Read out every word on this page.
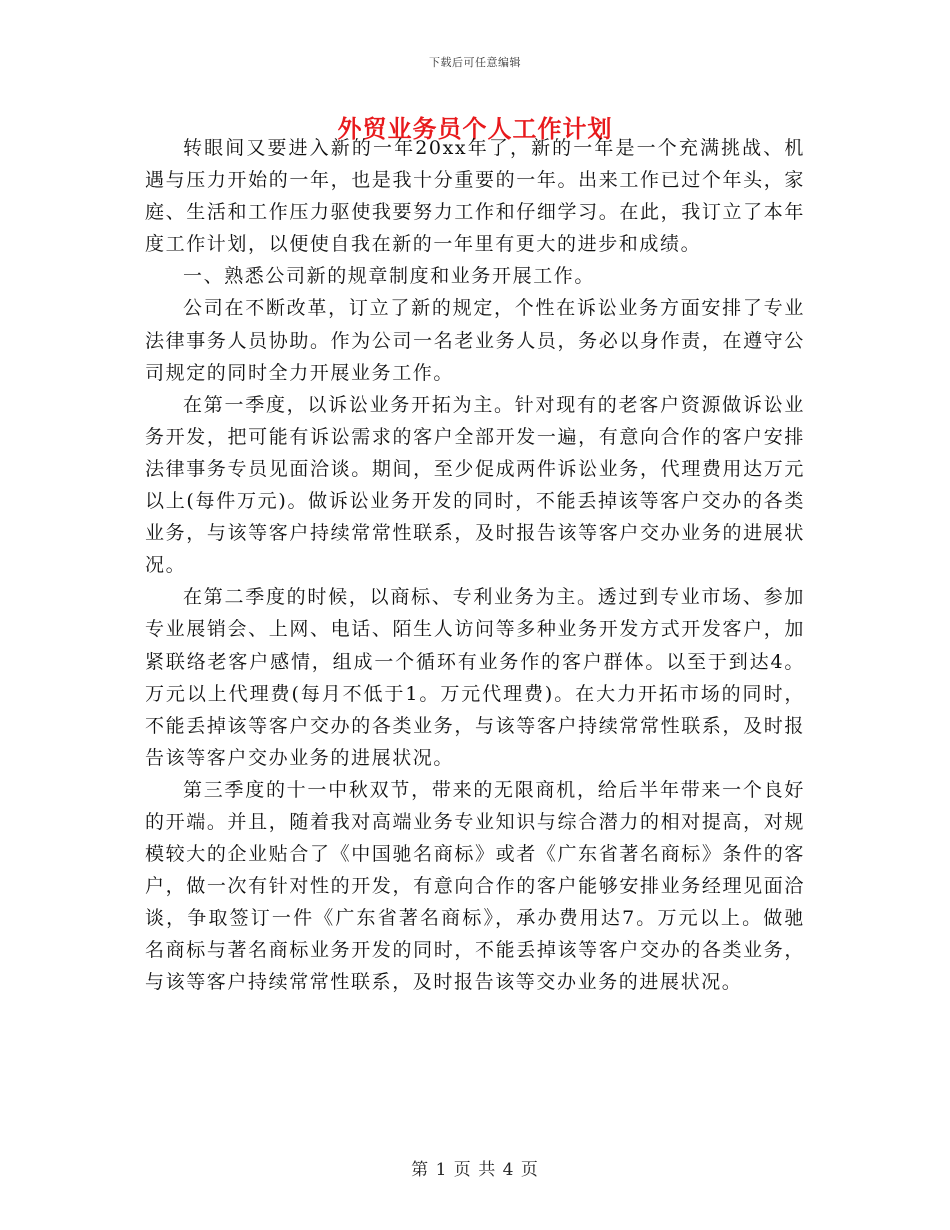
下载后可任意编辑
外贸业务员个人工作计划

转眼间又要进入新的一年20xx年了，新的一年是一个充满挑战、机遇与压力开始的一年，也是我十分重要的一年。出来工作已过个年头，家庭、生活和工作压力驱使我要努力工作和仔细学习。在此，我订立了本年度工作计划，以便使自我在新的一年里有更大的进步和成绩。

一、熟悉公司新的规章制度和业务开展工作。

公司在不断改革，订立了新的规定，个性在诉讼业务方面安排了专业法律事务人员协助。作为公司一名老业务人员，务必以身作责，在遵守公司规定的同时全力开展业务工作。

在第一季度，以诉讼业务开拓为主。针对现有的老客户资源做诉讼业务开发，把可能有诉讼需求的客户全部开发一遍，有意向合作的客户安排法律事务专员见面洽谈。期间，至少促成两件诉讼业务，代理费用达万元以上(每件万元)。做诉讼业务开发的同时，不能丢掉该等客户交办的各类业务，与该等客户持续常常性联系，及时报告该等客户交办业务的进展状况。

在第二季度的时候，以商标、专利业务为主。透过到专业市场、参加专业展销会、上网、电话、陌生人访问等多种业务开发方式开发客户，加紧联络老客户感情，组成一个循环有业务作的客户群体。以至于到达4。万元以上代理费(每月不低于1。万元代理费)。在大力开拓市场的同时，不能丢掉该等客户交办的各类业务，与该等客户持续常常性联系，及时报告该等客户交办业务的进展状况。

第三季度的十一中秋双节，带来的无限商机，给后半年带来一个良好的开端。并且，随着我对高端业务专业知识与综合潜力的相对提高，对规模较大的企业贴合了《中国驰名商标》或者《广东省著名商标》条件的客户，做一次有针对性的开发，有意向合作的客户能够安排业务经理见面洽谈，争取签订一件《广东省著名商标》，承办费用达7。万元以上。做驰名商标与著名商标业务开发的同时，不能丢掉该等客户交办的各类业务，与该等客户持续常常性联系，及时报告该等交办业务的进展状况。

第 1 页 共 4 页
